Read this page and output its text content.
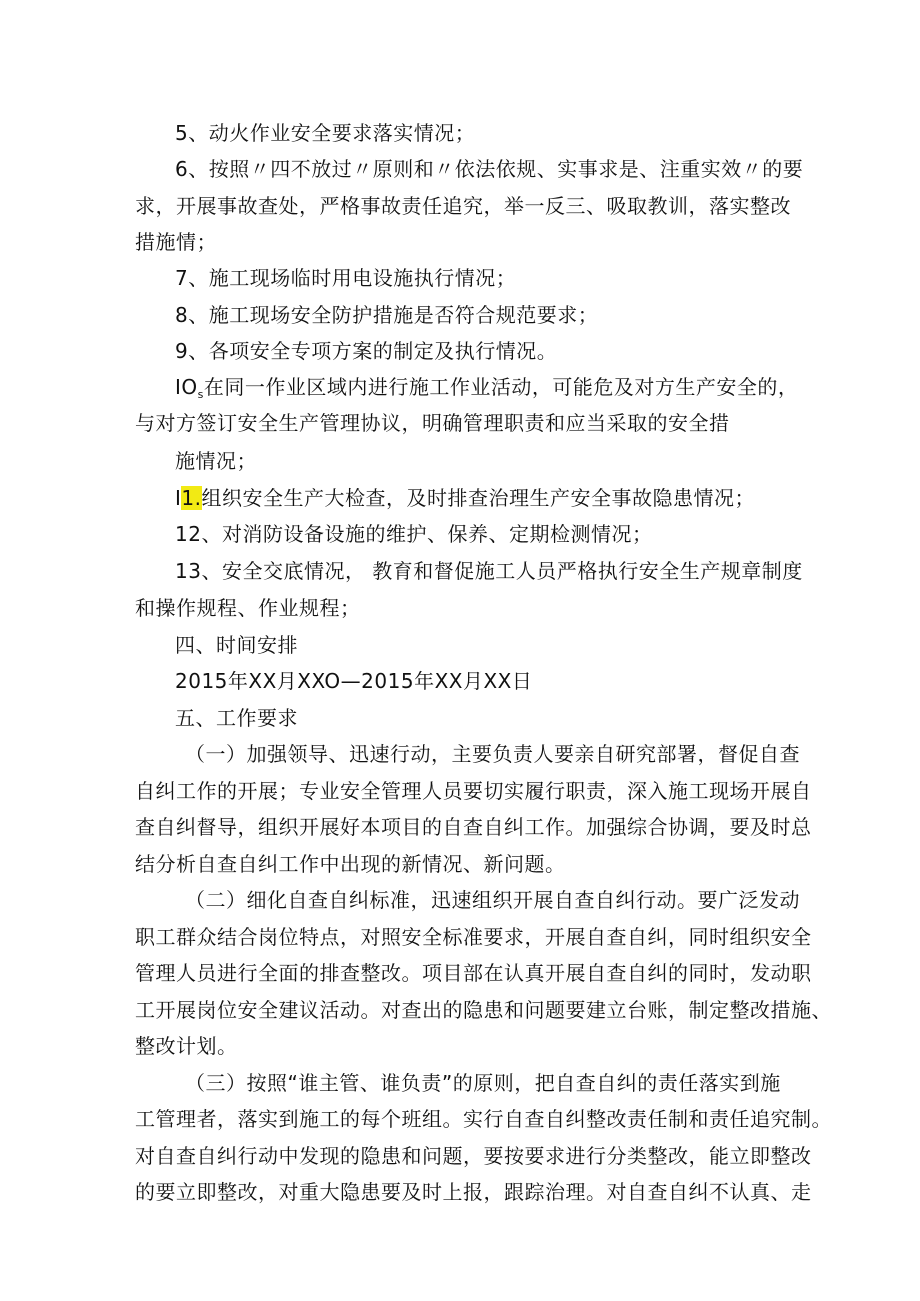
5、动火作业安全要求落实情况；
6、按照〃四不放过〃原则和〃依法依规、实事求是、注重实效〃的要
求，开展事故查处，严格事故责任追究，举一反三、吸取教训，落实整改
措施情；
7、施工现场临时用电设施执行情况；
8、施工现场安全防护措施是否符合规范要求；
9、各项安全专项方案的制定及执行情况。
$IO_s$在同一作业区域内进行施工作业活动，可能危及对方生产安全的，
与对方签订安全生产管理协议，明确管理职责和应当采取的安全措
施情况；
I1.组织安全生产大检查，及时排查治理生产安全事故隐患情况；
12、对消防设备设施的维护、保养、定期检测情况；
13、安全交底情况， 教育和督促施工人员严格执行安全生产规章制度
和操作规程、作业规程；
四、时间安排
2015年XX月XXO—2015年XX月XX日
五、工作要求
（一）加强领导、迅速行动，主要负责人要亲自研究部署，督促自查
自纠工作的开展；专业安全管理人员要切实履行职责，深入施工现场开展自
查自纠督导，组织开展好本项目的自查自纠工作。加强综合协调，要及时总
结分析自查自纠工作中出现的新情况、新问题。
（二）细化自查自纠标准，迅速组织开展自查自纠行动。要广泛发动
职工群众结合岗位特点，对照安全标准要求，开展自查自纠，同时组织安全
管理人员进行全面的排查整改。项目部在认真开展自查自纠的同时，发动职
工开展岗位安全建议活动。对查出的隐患和问题要建立台账，制定整改措施、
整改计划。
（三）按照“谁主管、谁负责”的原则，把自查自纠的责任落实到施
工管理者，落实到施工的每个班组。实行自查自纠整改责任制和责任追究制。
对自查自纠行动中发现的隐患和问题，要按要求进行分类整改，能立即整改
的要立即整改，对重大隐患要及时上报，跟踪治理。对自查自纠不认真、走
